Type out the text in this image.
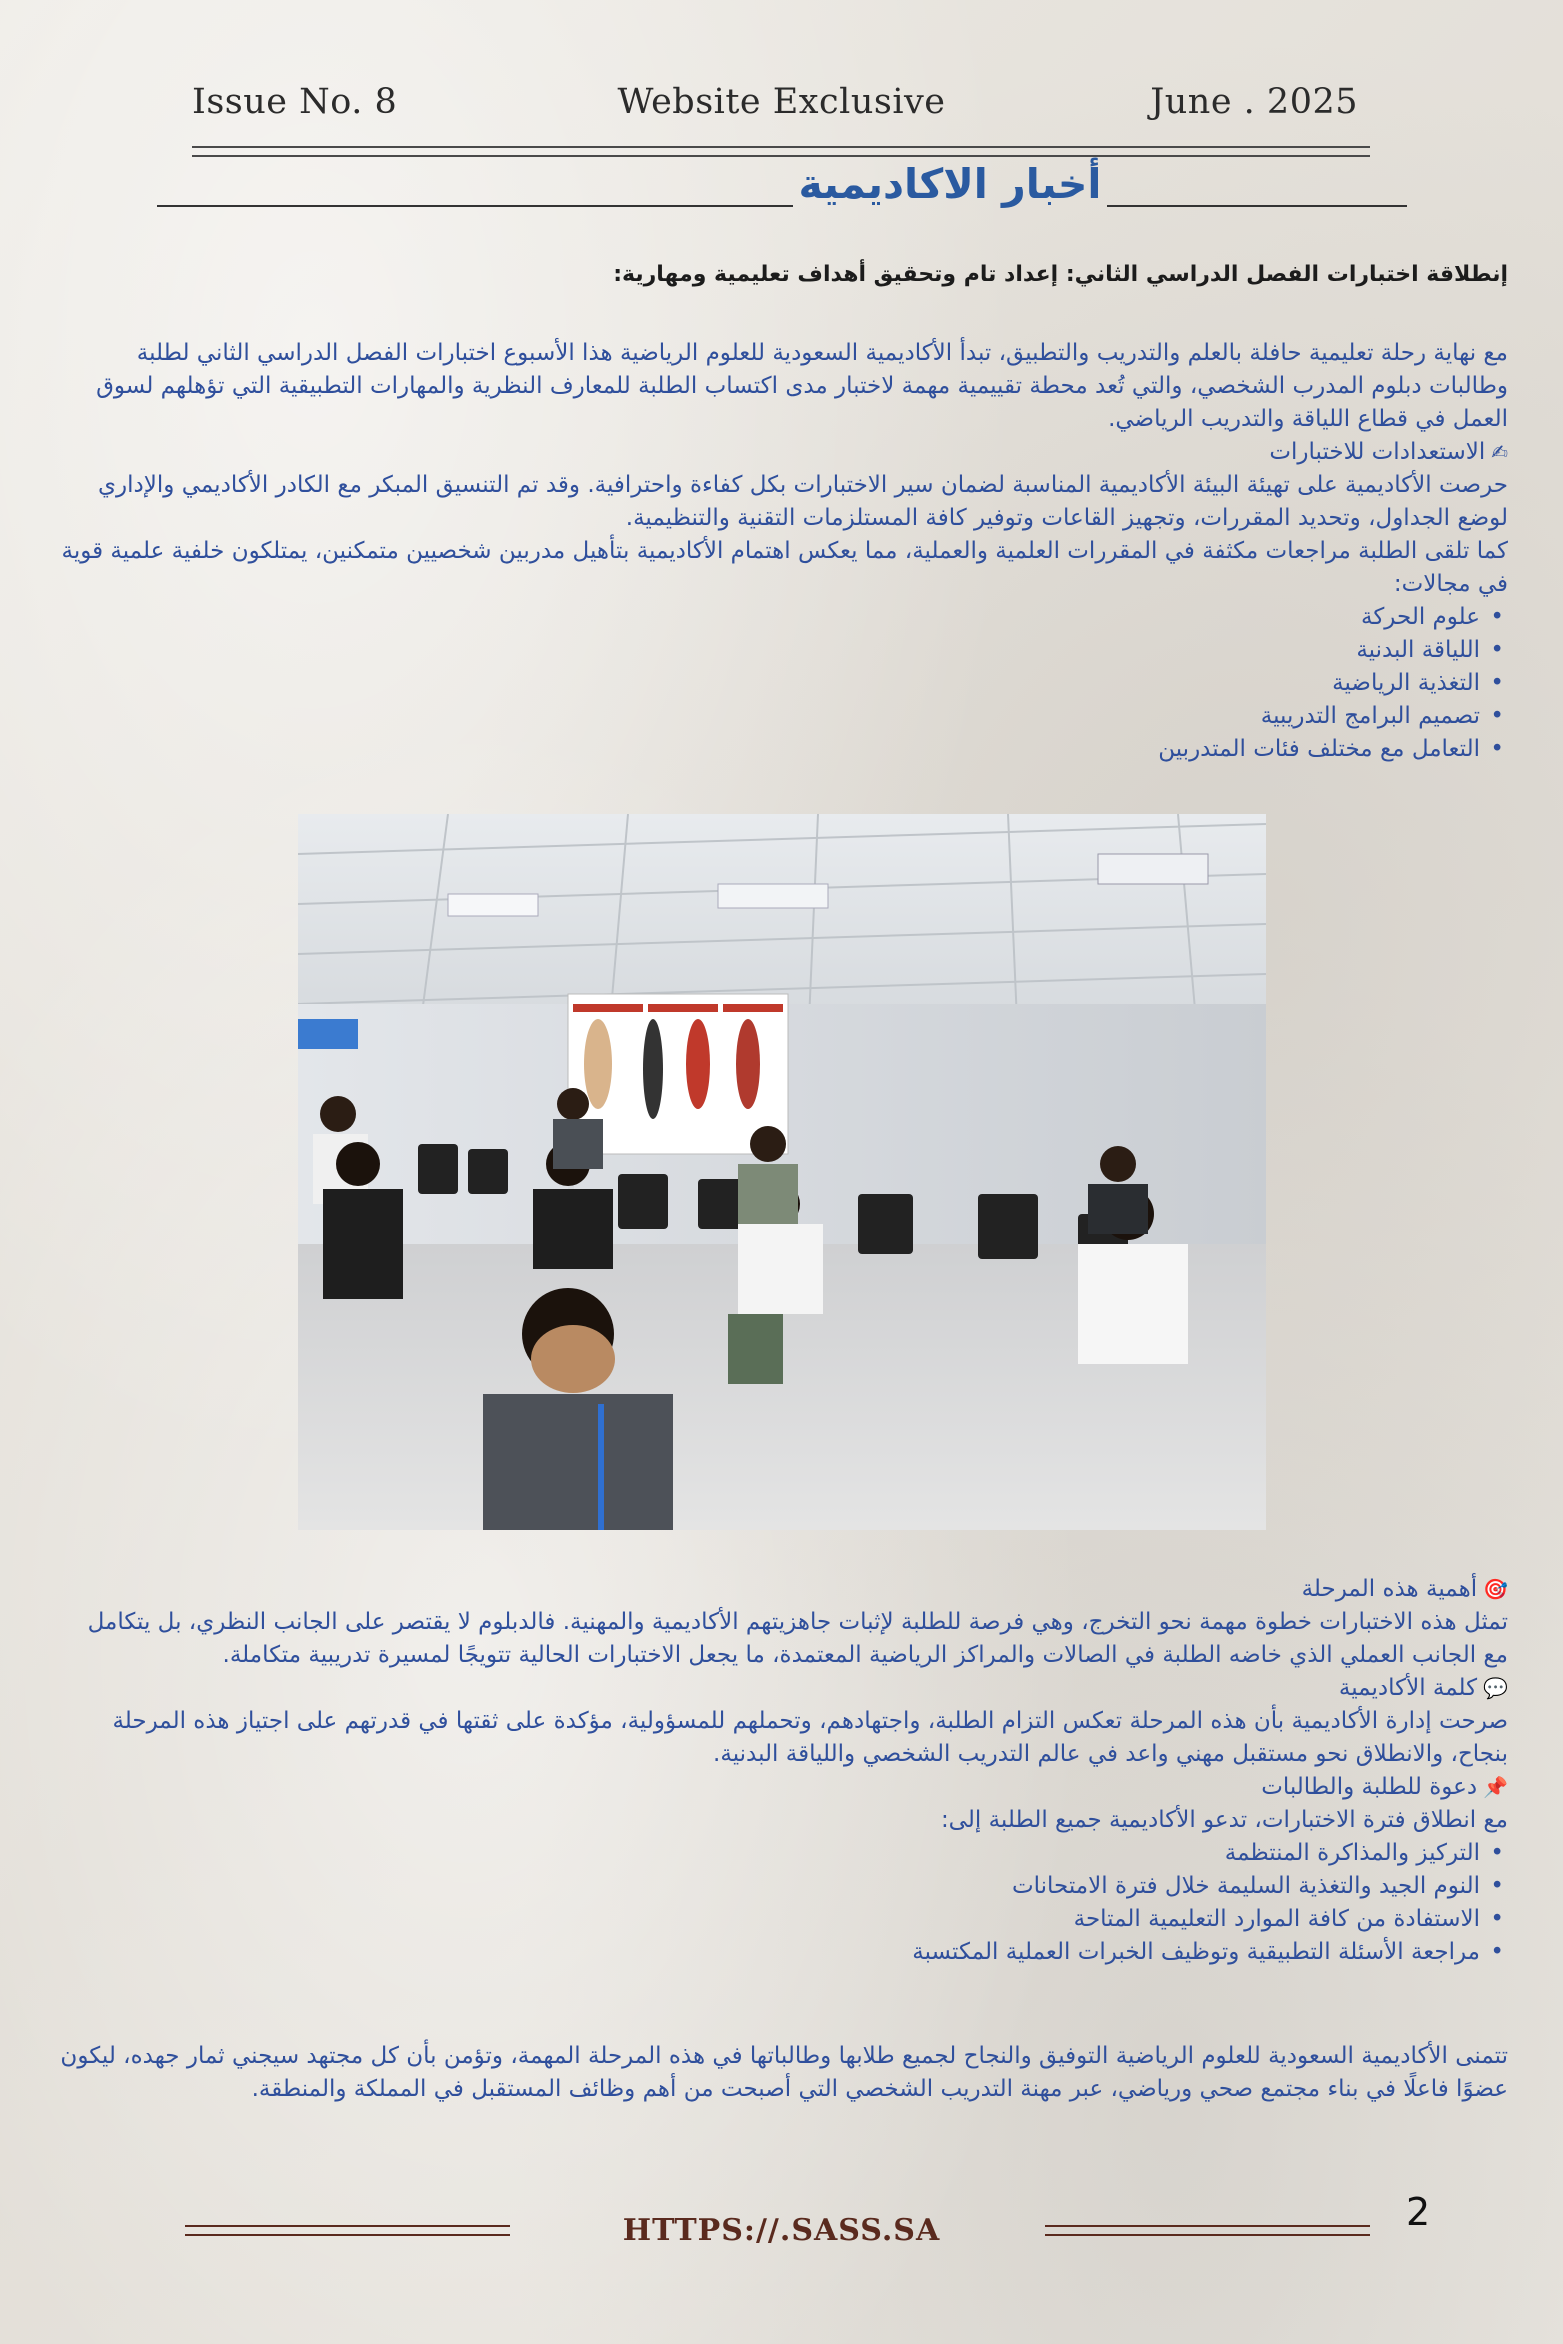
Issue No. 8	Website Exclusive	June . 2025
أخبار الاكاديمية
إنطلاقة اختبارات الفصل الدراسي الثاني: إعداد تام وتحقيق أهداف تعليمية ومهارية:

مع نهاية رحلة تعليمية حافلة بالعلم والتدريب والتطبيق، تبدأ الأكاديمية السعودية للعلوم الرياضية هذا الأسبوع اختبارات الفصل الدراسي الثاني لطلبة وطالبات دبلوم المدرب الشخصي، والتي تُعد محطة تقييمية مهمة لاختبار مدى اكتساب الطلبة للمعارف النظرية والمهارات التطبيقية التي تؤهلهم لسوق العمل في قطاع اللياقة والتدريب الرياضي.

✍الاستعدادات للاختبارات

حرصت الأكاديمية على تهيئة البيئة الأكاديمية المناسبة لضمان سير الاختبارات بكل كفاءة واحترافية. وقد تم التنسيق المبكر مع الكادر الأكاديمي والإداري لوضع الجداول، وتحديد المقررات، وتجهيز القاعات وتوفير كافة المستلزمات التقنية والتنظيمية.

كما تلقى الطلبة مراجعات مكثفة في المقررات العلمية والعملية، مما يعكس اهتمام الأكاديمية بتأهيل مدربين شخصيين متمكنين، يمتلكون خلفية علمية قوية في مجالات:

• علوم الحركة
• اللياقة البدنية
• التغذية الرياضية
• تصميم البرامج التدريبية
• التعامل مع مختلف فئات المتدربين

🎯أهمية هذه المرحلة

تمثل هذه الاختبارات خطوة مهمة نحو التخرج، وهي فرصة للطلبة لإثبات جاهزيتهم الأكاديمية والمهنية. فالدبلوم لا يقتصر على الجانب النظري، بل يتكامل مع الجانب العملي الذي خاضه الطلبة في الصالات والمراكز الرياضية المعتمدة، ما يجعل الاختبارات الحالية تتويجًا لمسيرة تدريبية متكاملة.

💬كلمة الأكاديمية

صرحت إدارة الأكاديمية بأن هذه المرحلة تعكس التزام الطلبة، واجتهادهم، وتحملهم للمسؤولية، مؤكدة على ثقتها في قدرتهم على اجتياز هذه المرحلة بنجاح، والانطلاق نحو مستقبل مهني واعد في عالم التدريب الشخصي واللياقة البدنية.

📌دعوة للطلبة والطالبات

مع انطلاق فترة الاختبارات، تدعو الأكاديمية جميع الطلبة إلى:

• التركيز والمذاكرة المنتظمة
• النوم الجيد والتغذية السليمة خلال فترة الامتحانات
• الاستفادة من كافة الموارد التعليمية المتاحة
• مراجعة الأسئلة التطبيقية وتوظيف الخبرات العملية المكتسبة
تتمنى الأكاديمية السعودية للعلوم الرياضية التوفيق والنجاح لجميع طلابها وطالباتها في هذه المرحلة المهمة، وتؤمن بأن كل مجتهد سيجني ثمار جهده، ليكون عضوًا فاعلًا في بناء مجتمع صحي ورياضي، عبر مهنة التدريب الشخصي التي أصبحت من أهم وظائف المستقبل في المملكة والمنطقة.
HTTPS://.SASS.SA	2
